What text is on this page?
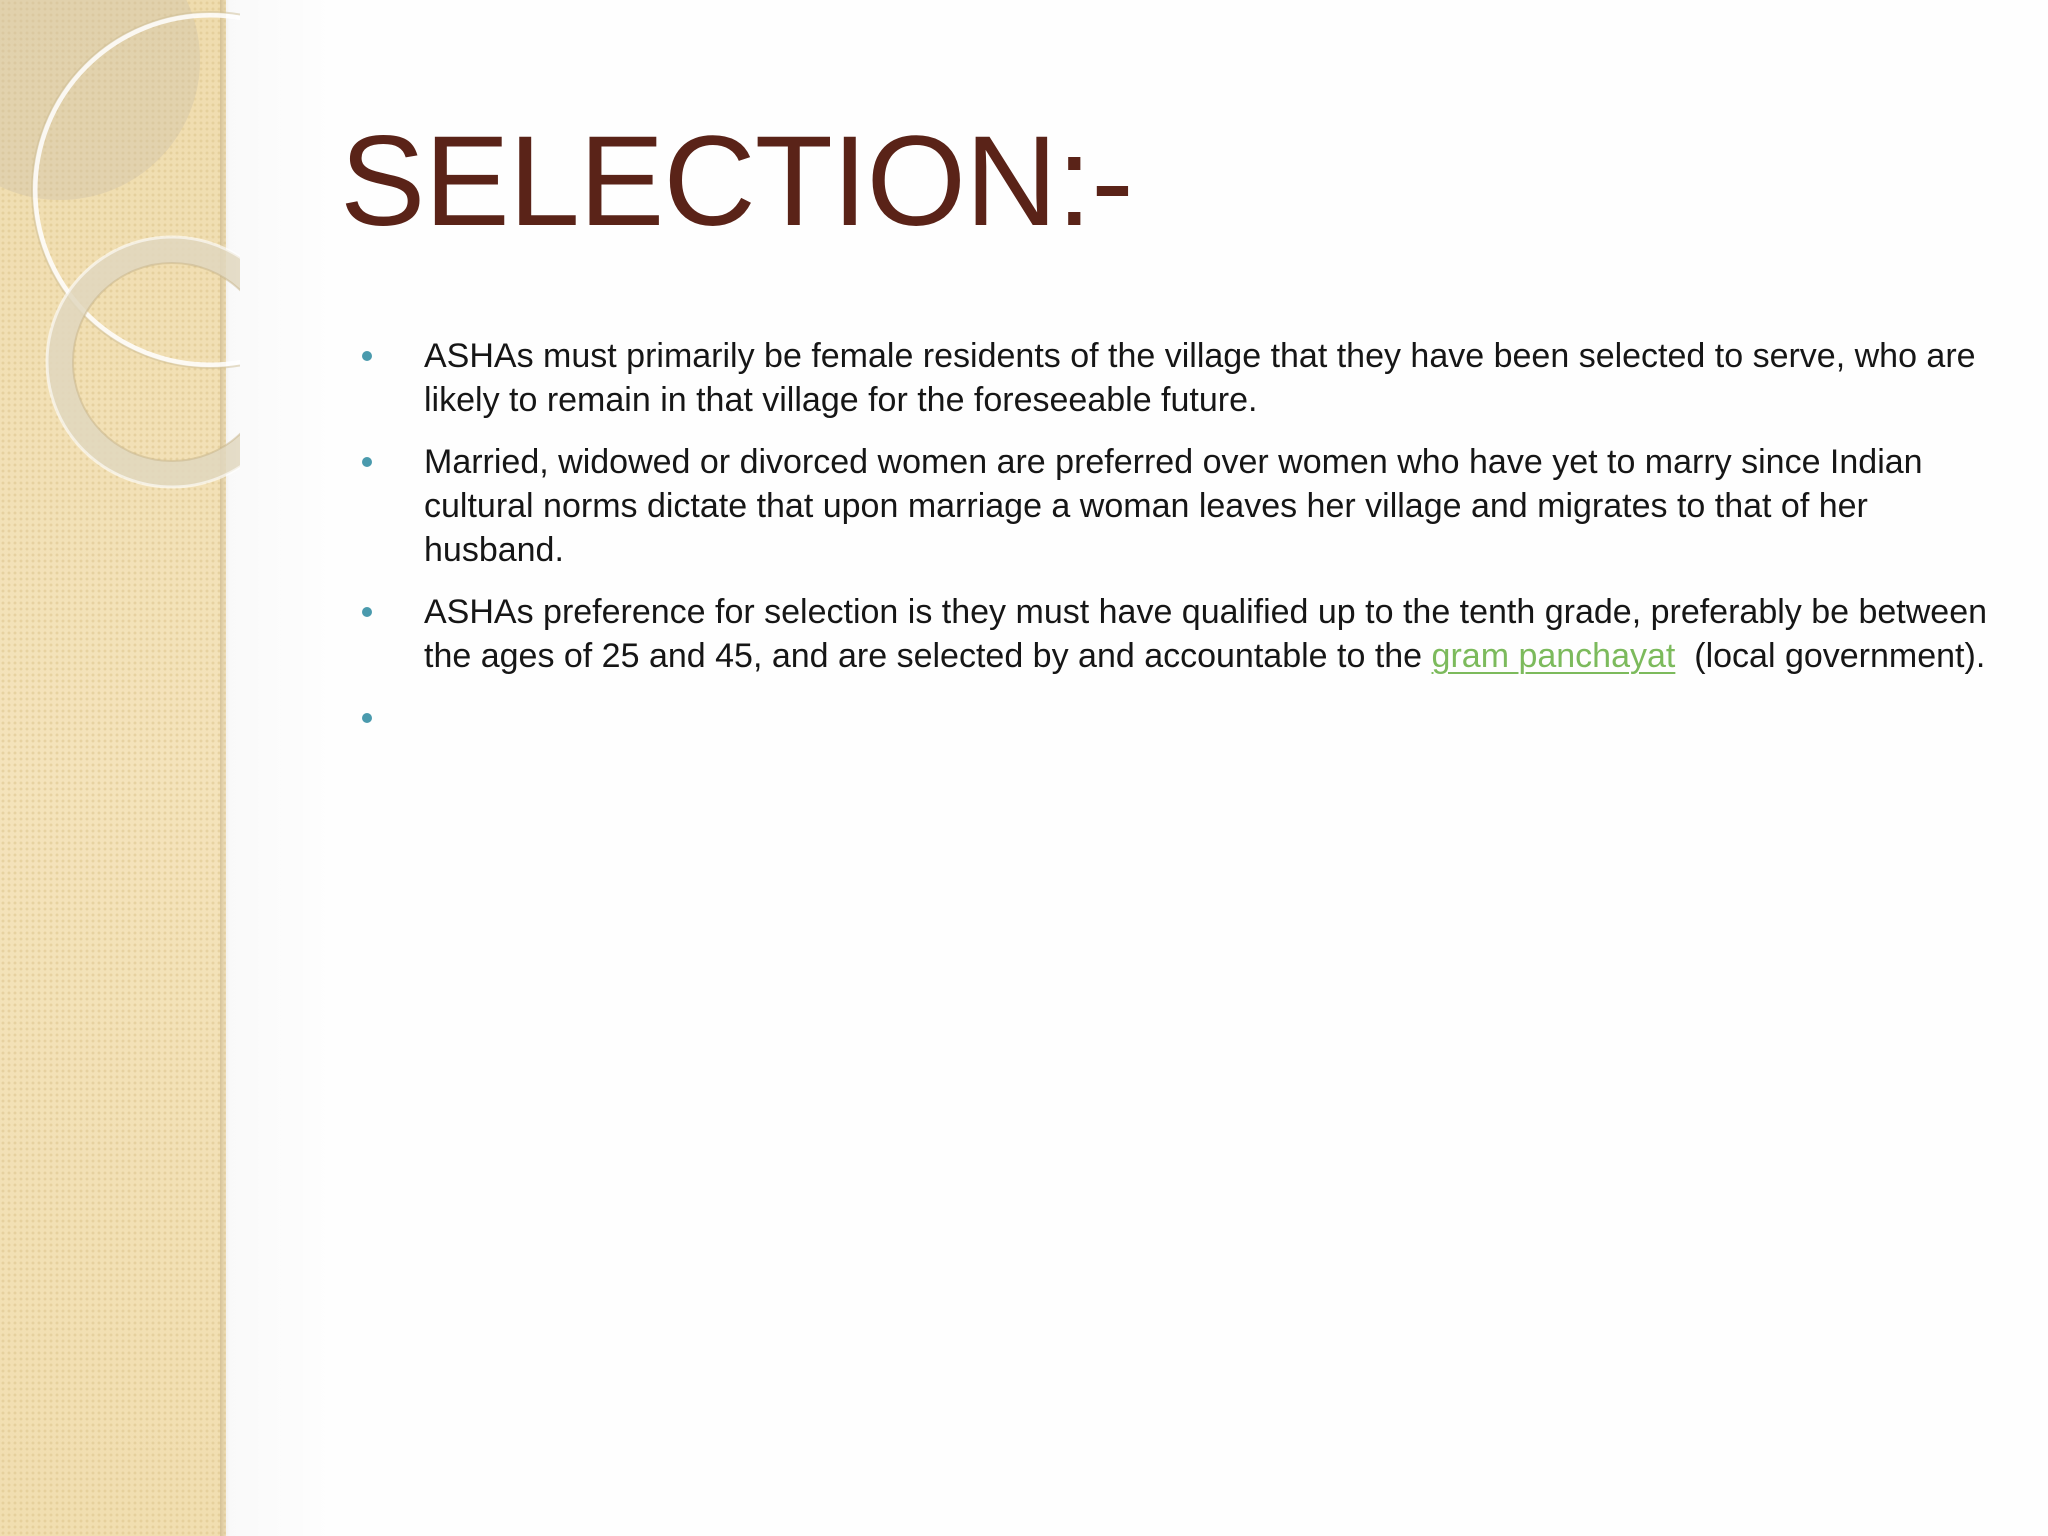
SELECTION:-
ASHAs must primarily be female residents of the village that they have been selected to serve, who are likely to remain in that village for the foreseeable future.
Married, widowed or divorced women are preferred over women who have yet to marry since Indian cultural norms dictate that upon marriage a woman leaves her village and migrates to that of her husband.
ASHAs preference for selection is they must have qualified up to the tenth grade, preferably be between the ages of 25 and 45, and are selected by and accountable to the gram panchayat  (local government).
